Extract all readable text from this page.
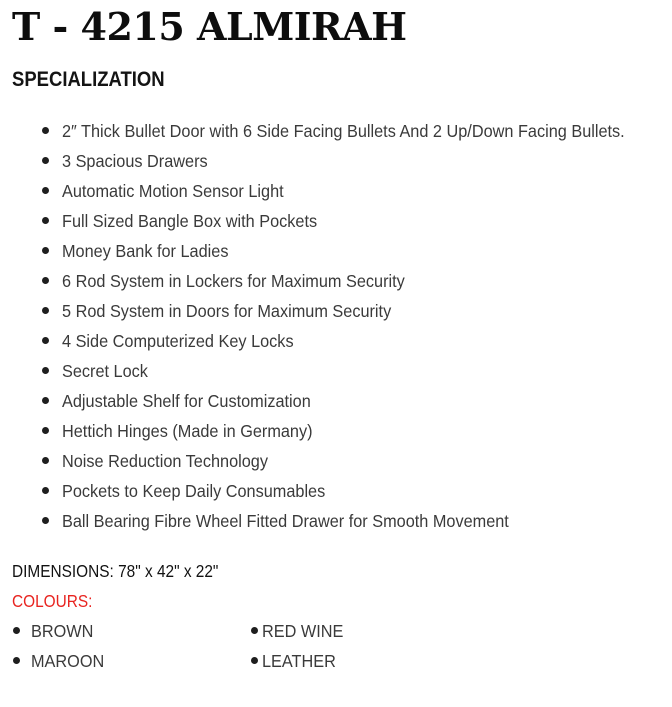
T - 4215 ALMIRAH
SPECIALIZATION
2″ Thick Bullet Door with 6 Side Facing Bullets And 2 Up/Down Facing Bullets.
3 Spacious Drawers
Automatic Motion Sensor Light
Full Sized Bangle Box with Pockets
Money Bank for Ladies
6 Rod System in Lockers for Maximum Security
5 Rod System in Doors for Maximum Security
4 Side Computerized Key Locks
Secret Lock
Adjustable Shelf for Customization
Hettich Hinges (Made in Germany)
Noise Reduction Technology
Pockets to Keep Daily Consumables
Ball Bearing Fibre Wheel Fitted Drawer for Smooth Movement

DIMENSIONS: 78" x 42" x 22"

COLOURS:

BROWN	RED WINE
MAROON	LEATHER
